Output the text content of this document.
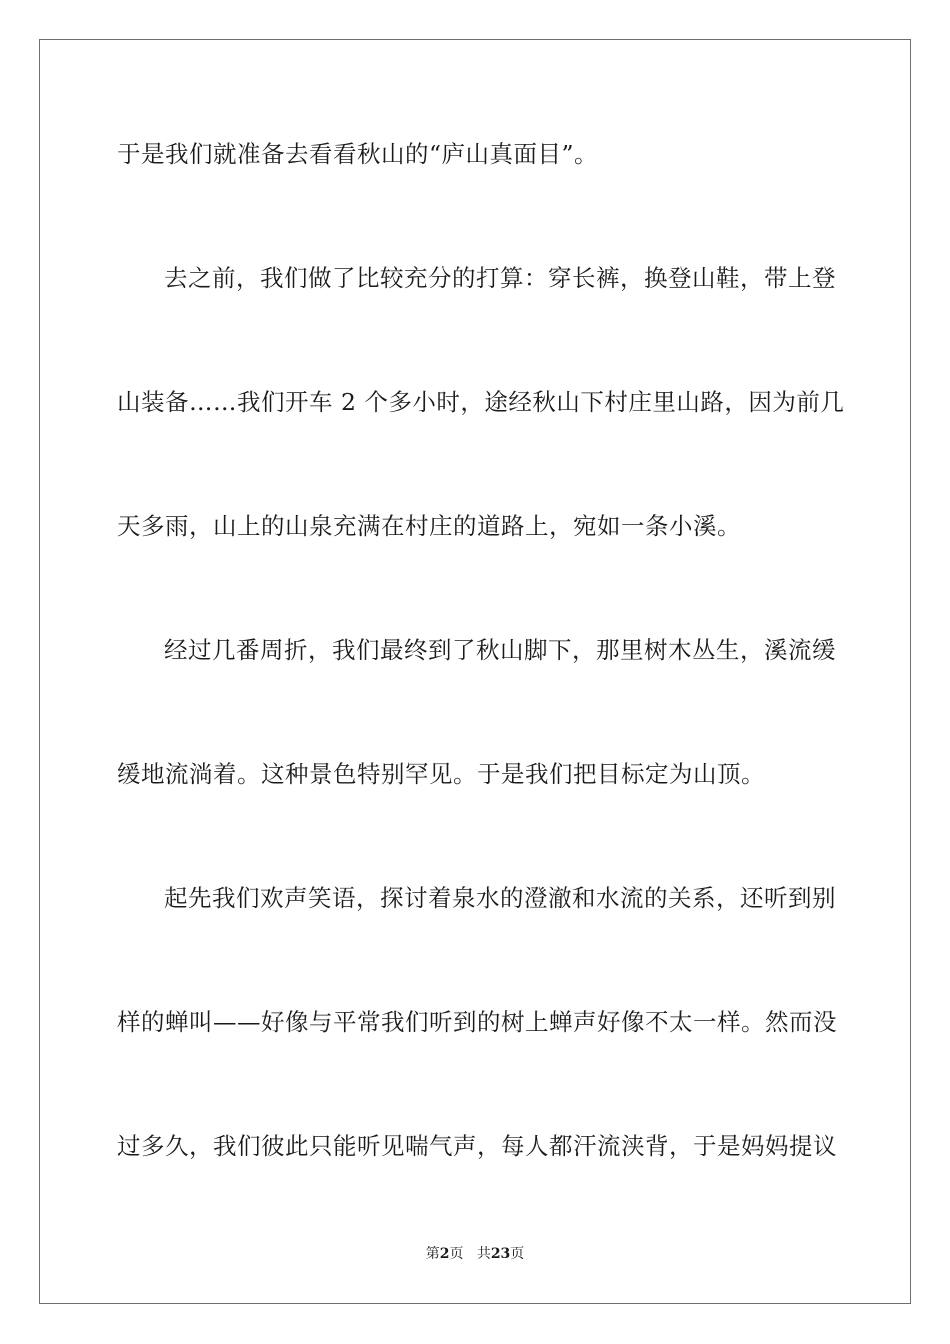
于是我们就准备去看看秋山的“庐山真面目”。
去之前，我们做了比较充分的打算：穿长裤，换登山鞋，带上登
山装备……我们开车 2 个多小时，途经秋山下村庄里山路，因为前几
天多雨，山上的山泉充满在村庄的道路上，宛如一条小溪。
经过几番周折，我们最终到了秋山脚下，那里树木丛生，溪流缓
缓地流淌着。这种景色特别罕见。于是我们把目标定为山顶。
起先我们欢声笑语，探讨着泉水的澄澈和水流的关系，还听到别
样的蝉叫——好像与平常我们听到的树上蝉声好像不太一样。然而没
过多久，我们彼此只能听见喘气声，每人都汗流浃背，于是妈妈提议
第2页 共23页
